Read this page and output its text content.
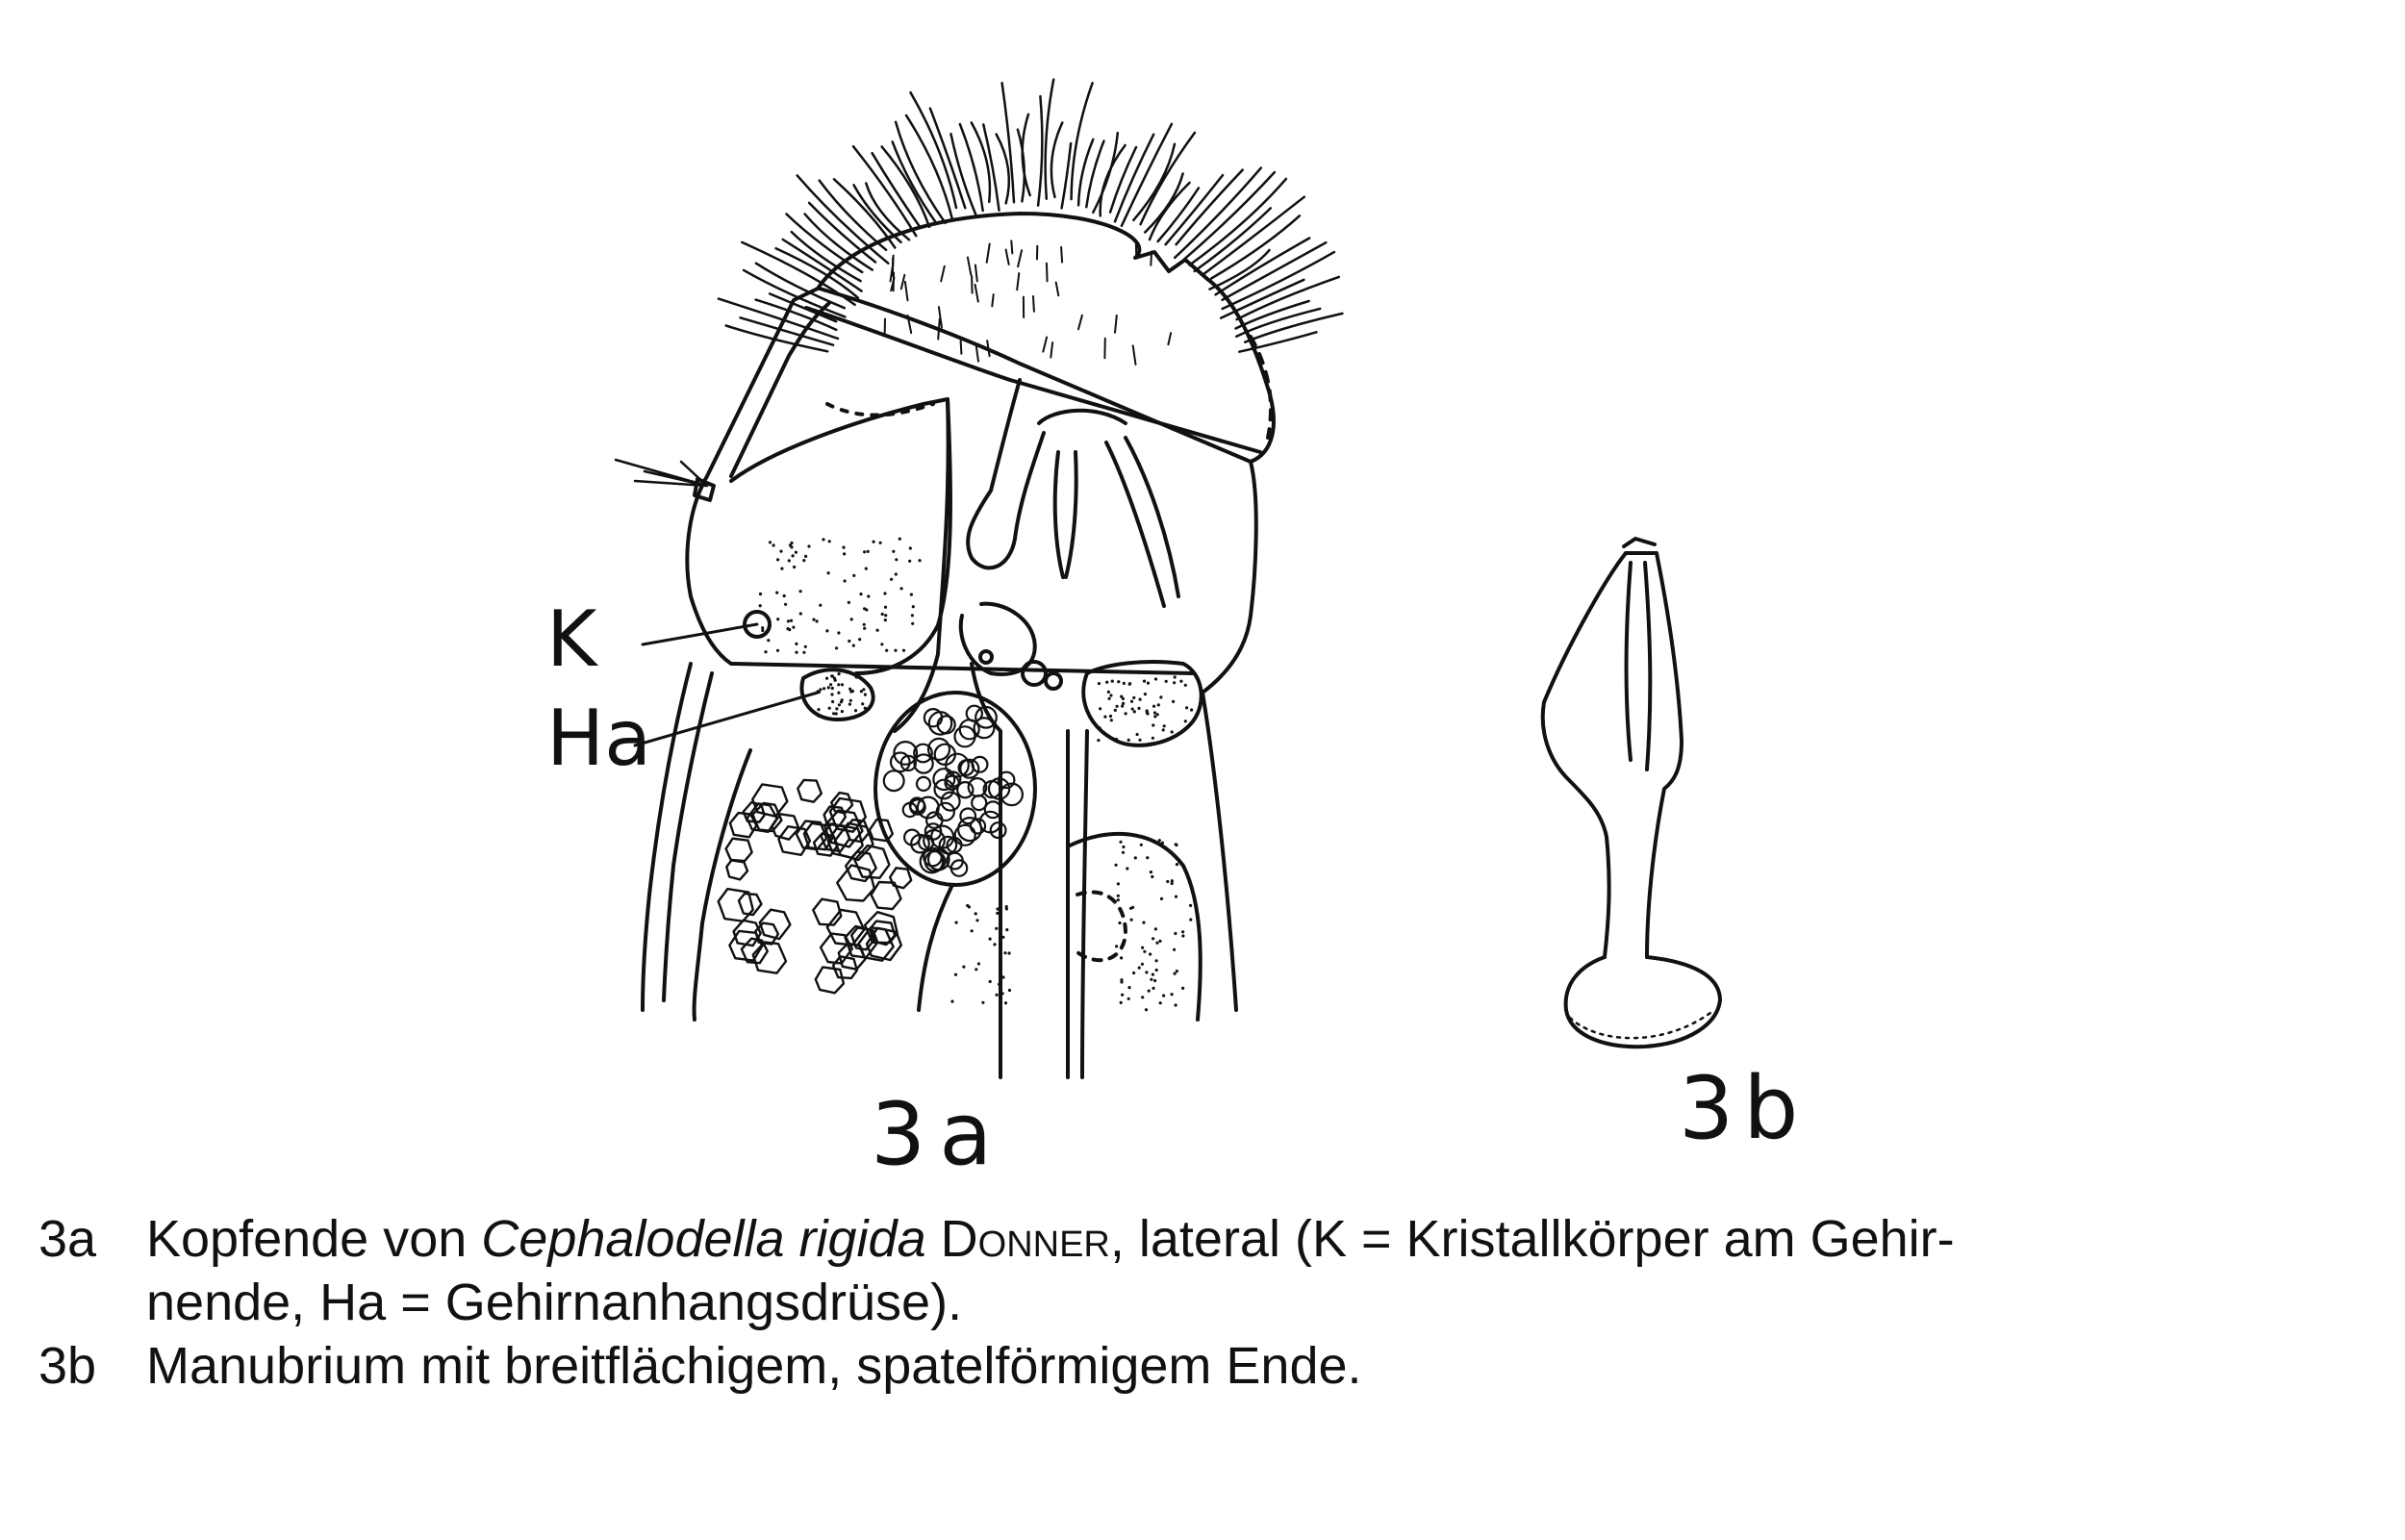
K
Ha
3a	3b
3a Kopfende von Cephalodella rigida Donner, lateral (K = Kristallkörper am Gehir-
nende, Ha = Gehirnanhangsdrüse).
3b Manubrium mit breitflächigem, spatelförmigem Ende.
